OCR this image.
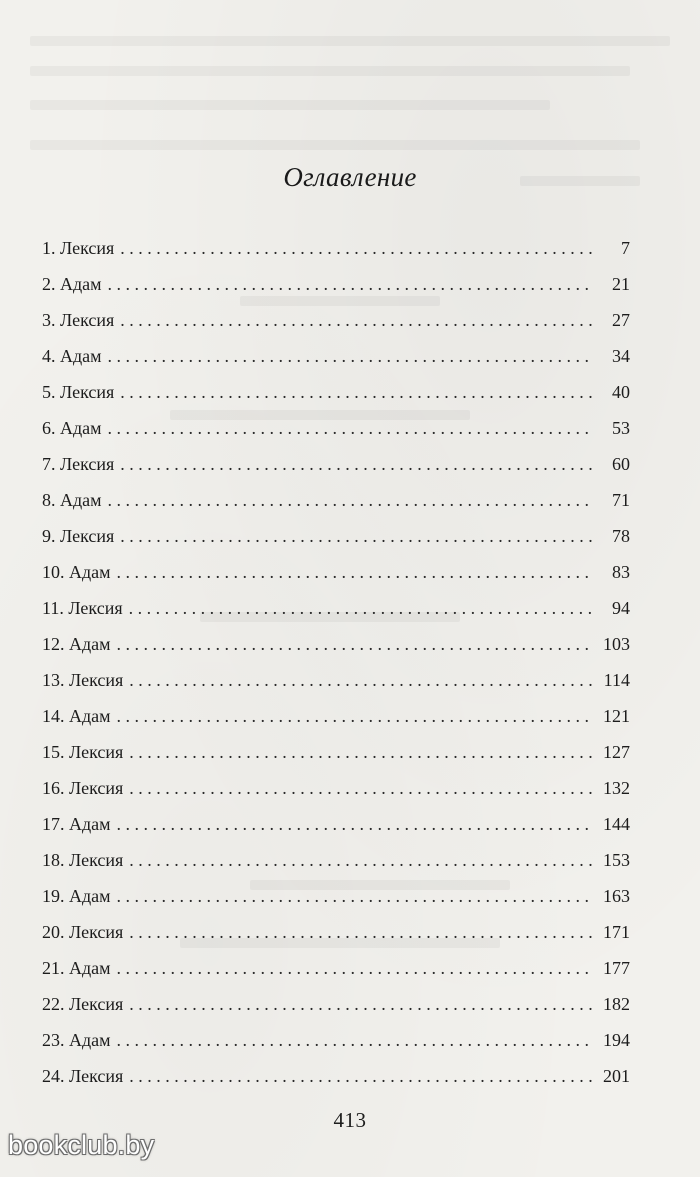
Оглавление
1. Лексия . . .	7
2. Адам . . .	21
3. Лексия . . .	27
4. Адам . . .	34
5. Лексия . . .	40
6. Адам . . .	53
7. Лексия . . .	60
8. Адам . . .	71
9. Лексия . . .	78
10. Адам . . .	83
11. Лексия . . .	94
12. Адам . . .	103
13. Лексия . . .	114
14. Адам . . .	121
15. Лексия . . .	127
16. Лексия . . .	132
17. Адам . . .	144
18. Лексия . . .	153
19. Адам . . .	163
20. Лексия . . .	171
21. Адам . . .	177
22. Лексия . . .	182
23. Адам . . .	194
24. Лексия . . .	201
413
bookclub.by
